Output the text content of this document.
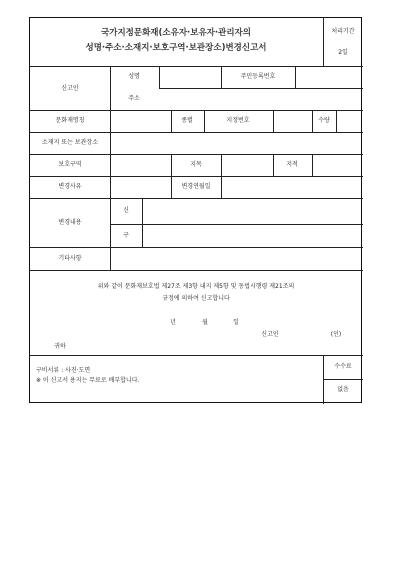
국가지정문화재(소유자·보유자·관리자의
성명·주소·소재지·보호구역·보관장소)변경신고서
처리기간
2일
신고인
성명	주민등록번호
주소
문화재명칭	종별	지정번호	수량
소재지 또는 보관장소
보호구역	지목	지적
변경사유	변경연월일
변경내용
신
구
기타사항
위와 같이 문화재보호법 제27조 제3항 내지 제5항 및 동법시행령 제21조의
규정에 의하여 신고합니다
년	월	일
신고인	(인)
귀하
구비서류 : 사진·도면
※ 이 신고서 용지는 무료로 배부합니다.
수수료
없음
